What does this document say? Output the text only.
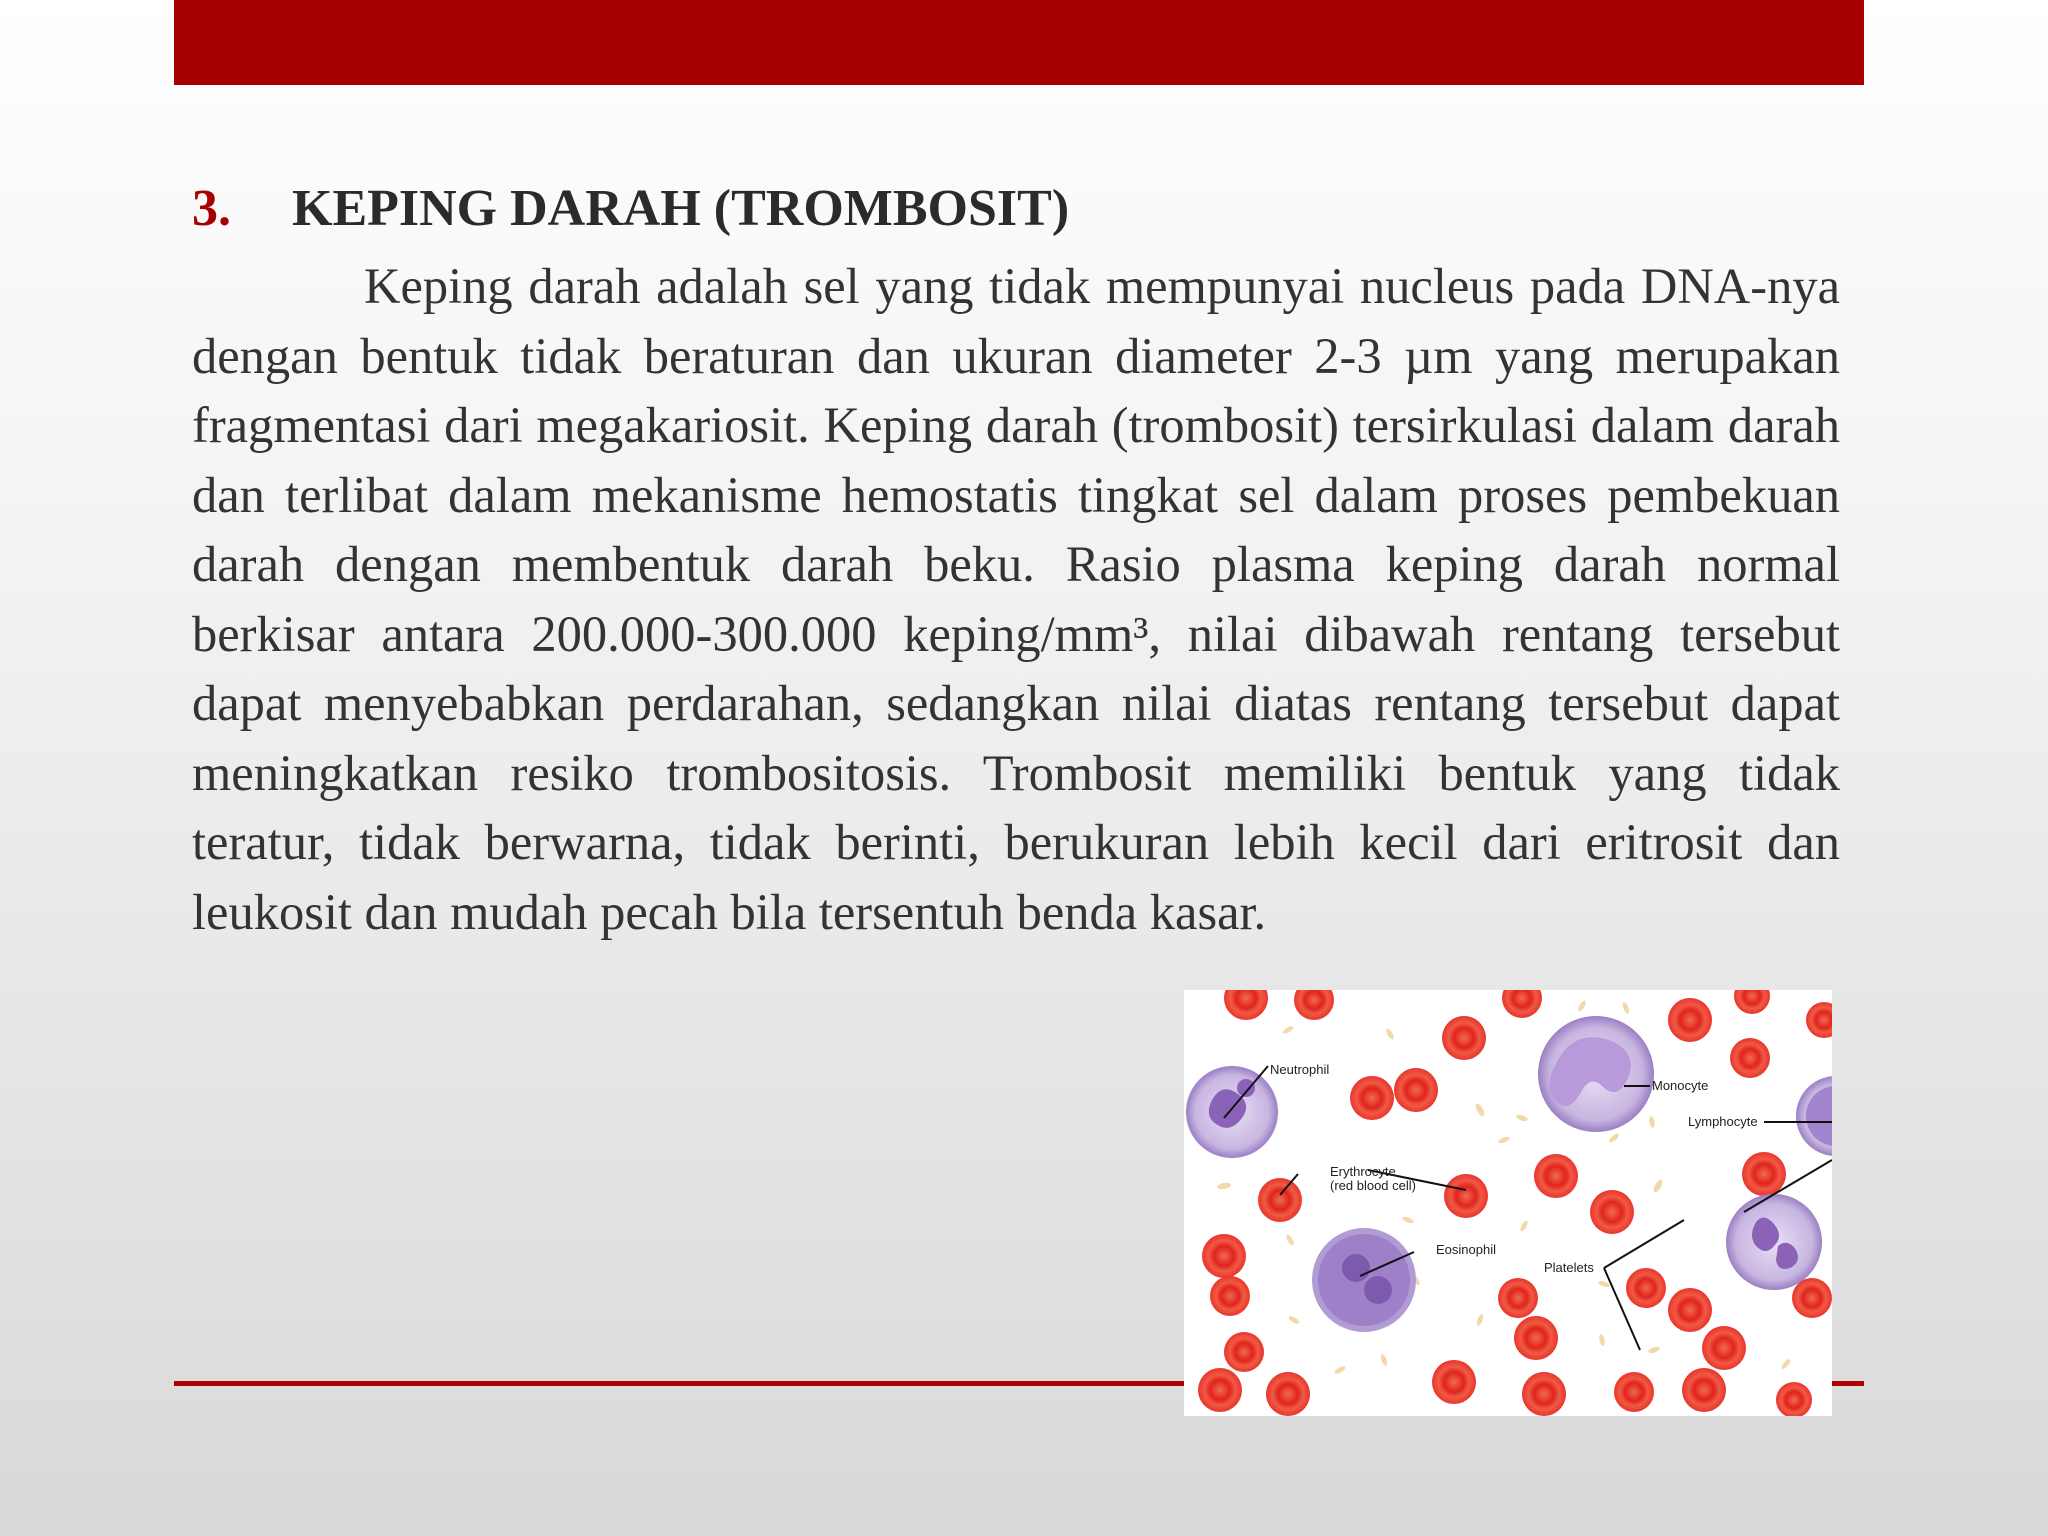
3. KEPING DARAH (TROMBOSIT)

Keping darah adalah sel yang tidak mempunyai nucleus pada DNA-nya dengan bentuk tidak beraturan dan ukuran diameter 2-3 µm yang merupakan fragmentasi dari megakariosit. Keping darah (trombosit) tersirkulasi dalam darah dan terlibat dalam mekanisme hemostatis tingkat sel dalam proses pembekuan darah dengan membentuk darah beku. Rasio plasma keping darah normal berkisar antara 200.000-300.000 keping/mm³, nilai dibawah rentang tersebut dapat menyebabkan perdarahan, sedangkan nilai diatas rentang tersebut dapat meningkatkan resiko trombositosis. Trombosit memiliki bentuk yang tidak teratur, tidak berwarna, tidak berinti, berukuran lebih kecil dari eritrosit dan leukosit dan mudah pecah bila tersentuh benda kasar.

Neutrophil
Monocyte
Lymphocyte
Erythrocyte
(red blood cell)
Eosinophil
Platelets
